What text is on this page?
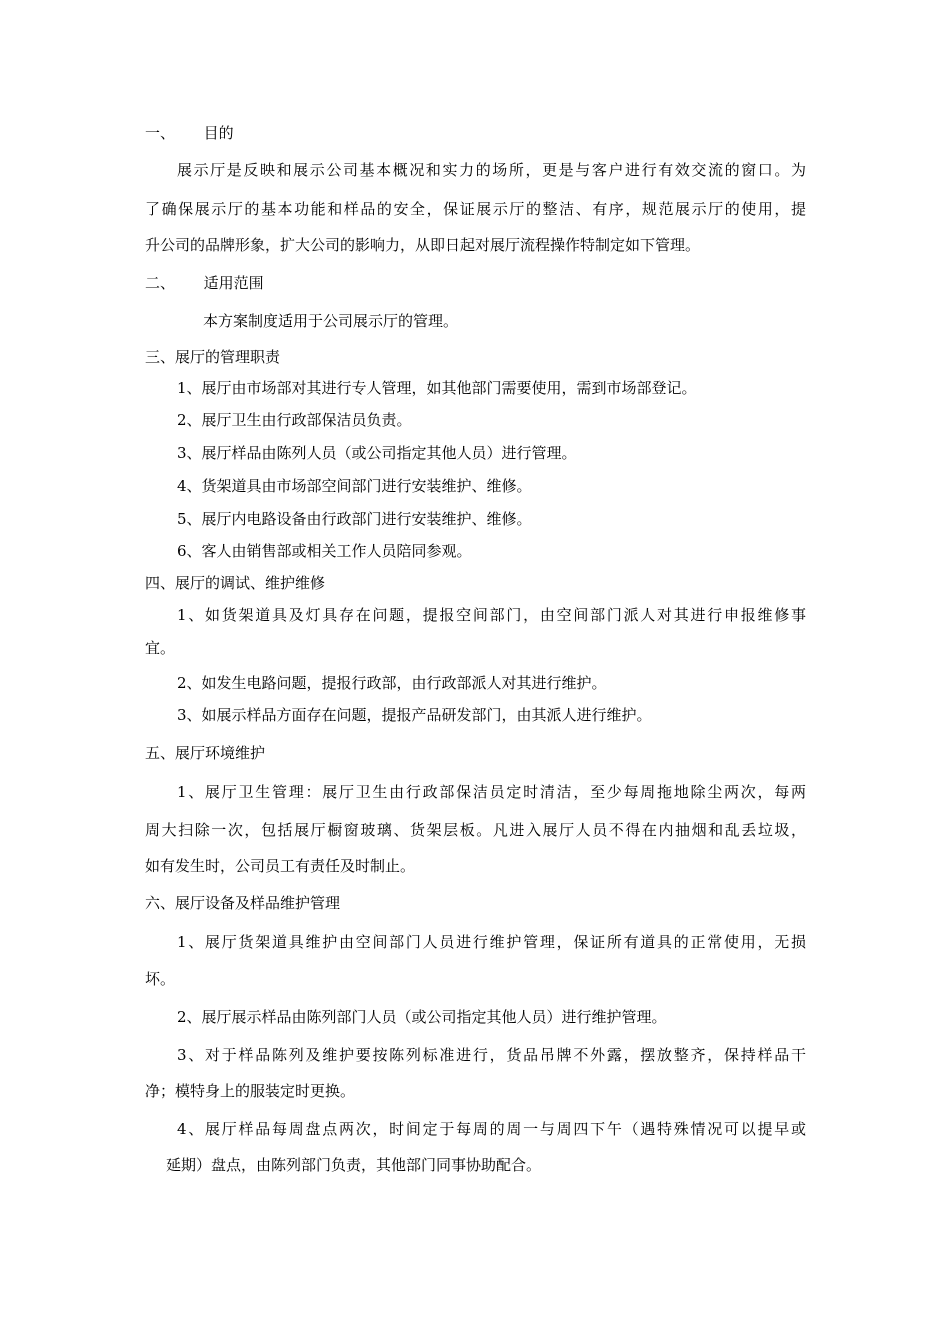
一、      目的
展示厅是反映和展示公司基本概况和实力的场所，更是与客户进行有效交流的窗口。为
了确保展示厅的基本功能和样品的安全，保证展示厅的整洁、有序，规范展示厅的使用，提
升公司的品牌形象，扩大公司的影响力，从即日起对展厅流程操作特制定如下管理。
二、      适用范围
本方案制度适用于公司展示厅的管理。
三、展厅的管理职责
1、展厅由市场部对其进行专人管理，如其他部门需要使用，需到市场部登记。
2、展厅卫生由行政部保洁员负责。
3、展厅样品由陈列人员（或公司指定其他人员）进行管理。
4、货架道具由市场部空间部门进行安装维护、维修。
5、展厅内电路设备由行政部门进行安装维护、维修。
6、客人由销售部或相关工作人员陪同参观。
四、展厅的调试、维护维修
1、如货架道具及灯具存在问题，提报空间部门，由空间部门派人对其进行申报维修事
宜。
2、如发生电路问题，提报行政部，由行政部派人对其进行维护。
3、如展示样品方面存在问题，提报产品研发部门，由其派人进行维护。
五、展厅环境维护
1、展厅卫生管理：展厅卫生由行政部保洁员定时清洁，至少每周拖地除尘两次，每两
周大扫除一次，包括展厅橱窗玻璃、货架层板。凡进入展厅人员不得在内抽烟和乱丢垃圾，
如有发生时，公司员工有责任及时制止。
六、展厅设备及样品维护管理
1、展厅货架道具维护由空间部门人员进行维护管理，保证所有道具的正常使用，无损
坏。
2、展厅展示样品由陈列部门人员（或公司指定其他人员）进行维护管理。
3、对于样品陈列及维护要按陈列标准进行，货品吊牌不外露，摆放整齐，保持样品干
净；模特身上的服装定时更换。
4、展厅样品每周盘点两次，时间定于每周的周一与周四下午（遇特殊情况可以提早或
延期）盘点，由陈列部门负责，其他部门同事协助配合。
